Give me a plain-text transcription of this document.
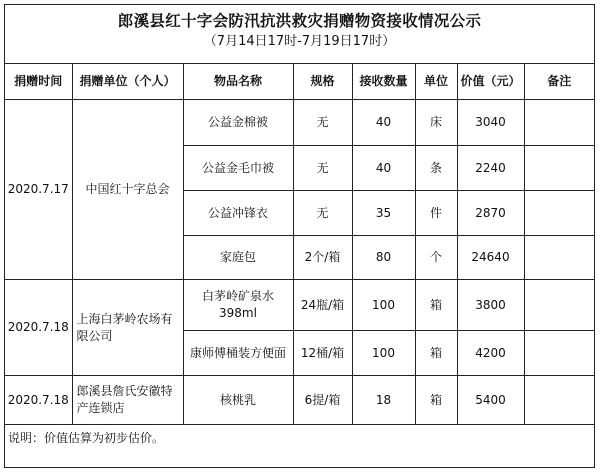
郎溪县红十字会防汛抗洪救灾捐赠物资接收情况公示
（7月14日17时-7月19日17时）
捐赠时间	捐赠单位（个人）	物品名称	规格	接收数量	单位	价值（元）	备注
2020.7.17	中国红十字总会	公益金棉被	无	40	床	3040	
		公益金毛巾被	无	40	条	2240	
		公益冲锋衣	无	35	件	2870	
		家庭包	2个/箱	80	个	24640	
2020.7.18	上海白茅岭农场有限公司	白茅岭矿泉水398ml	24瓶/箱	100	箱	3800	
		康师傅桶装方便面	12桶/箱	100	箱	4200	
2020.7.18	郎溪县詹氏安徽特产连锁店	核桃乳	6提/箱	18	箱	5400	
说明：价值估算为初步估价。							
